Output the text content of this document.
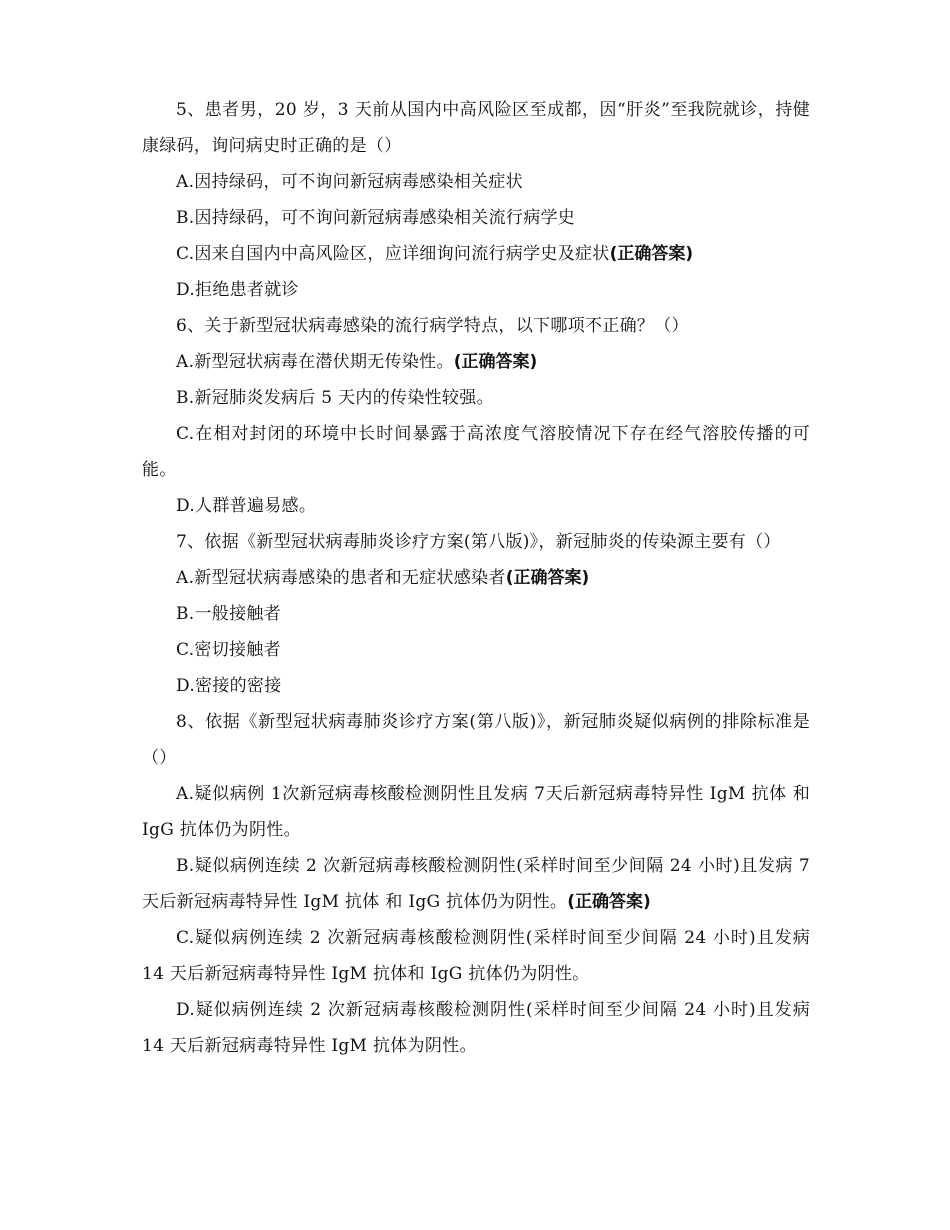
5、患者男，20 岁，3 天前从国内中高风险区至成都，因“肝炎”至我院就诊，持健康绿码，询问病史时正确的是（）

A.因持绿码，可不询问新冠病毒感染相关症状

B.因持绿码，可不询问新冠病毒感染相关流行病学史

C.因来自国内中高风险区，应详细询问流行病学史及症状(正确答案)

D.拒绝患者就诊

6、关于新型冠状病毒感染的流行病学特点，以下哪项不正确？（）

A.新型冠状病毒在潜伏期无传染性。(正确答案)

B.新冠肺炎发病后 5 天内的传染性较强。

C.在相对封闭的环境中长时间暴露于高浓度气溶胶情况下存在经气溶胶传播的可能。

D.人群普遍易感。

7、依据《新型冠状病毒肺炎诊疗方案(第八版)》，新冠肺炎的传染源主要有（）

A.新型冠状病毒感染的患者和无症状感染者(正确答案)

B.一般接触者

C.密切接触者

D.密接的密接

8、依据《新型冠状病毒肺炎诊疗方案(第八版)》，新冠肺炎疑似病例的排除标准是（）

A.疑似病例 1次新冠病毒核酸检测阴性且发病 7天后新冠病毒特异性 IgM 抗体 和 IgG 抗体仍为阴性。

B.疑似病例连续 2 次新冠病毒核酸检测阴性(采样时间至少间隔 24 小时)且发病 7 天后新冠病毒特异性 IgM 抗体 和 IgG 抗体仍为阴性。(正确答案)

C.疑似病例连续 2 次新冠病毒核酸检测阴性(采样时间至少间隔 24 小时)且发病 14 天后新冠病毒特异性 IgM 抗体和 IgG 抗体仍为阴性。

D.疑似病例连续 2 次新冠病毒核酸检测阴性(采样时间至少间隔 24 小时)且发病 14 天后新冠病毒特异性 IgM 抗体为阴性。
